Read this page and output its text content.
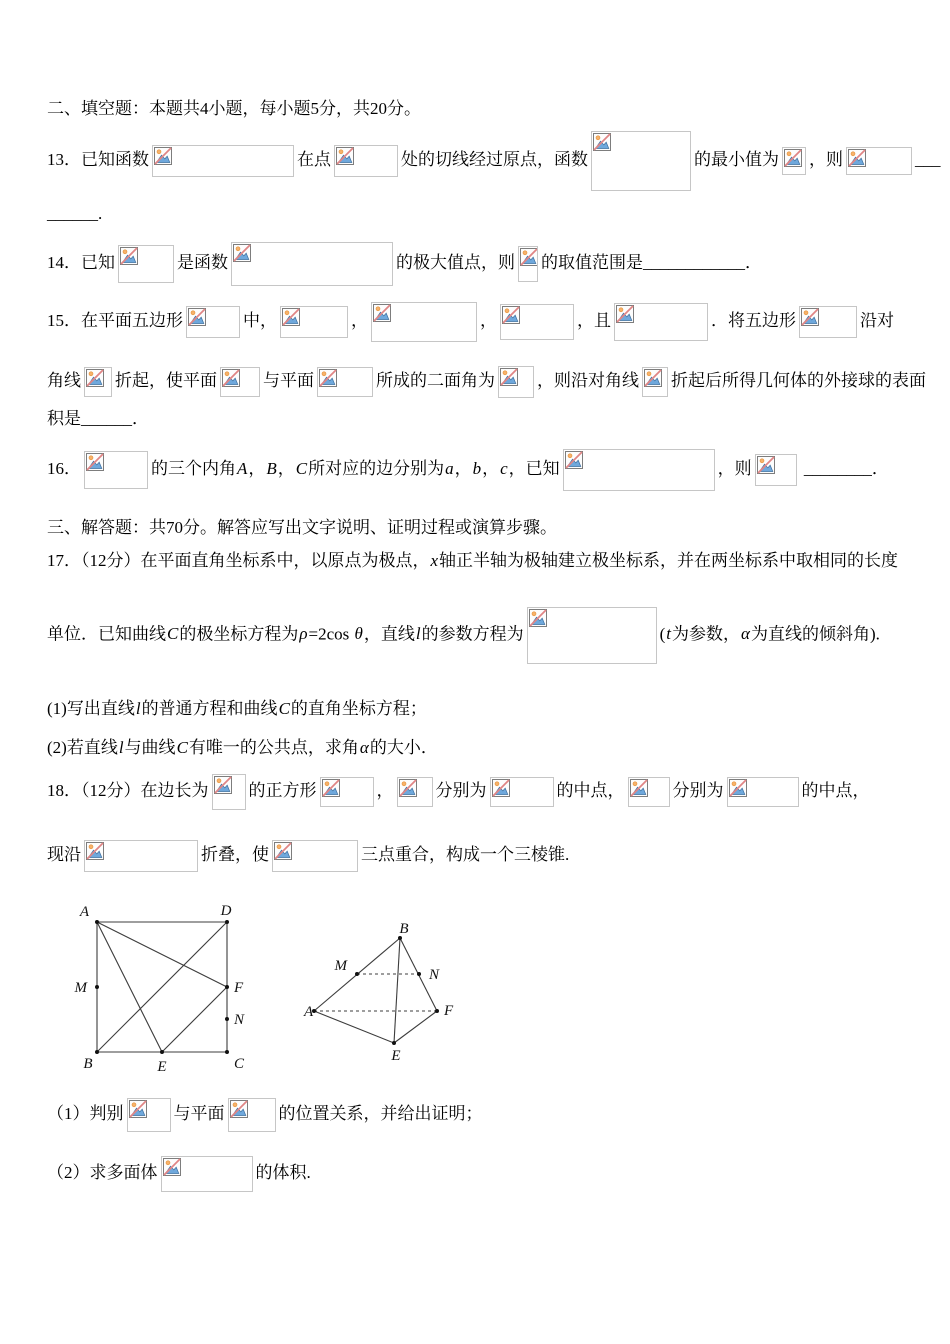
二、填空题：本题共4小题，每小题5分，共20分。

13．已知函数	在点	处的切线经过原点，函数	的最小值为 ，则	___

______.

14．已知	是函数	的极大值点，则 的取值范围是____________．

15．在平面五边形	中，	，	，	，且	．将五边形	沿对

角线 折起，使平面	与平面	所成的二面角为 ，则沿对角线 折起后所得几何体的外接球的表面

积是______．

16．	的三个内角A，B，C所对应的边分别为a，b，c，已知	，则	________．

三、解答题：共70分。解答应写出文字说明、证明过程或演算步骤。

17．（12分）在平面直角坐标系中，以原点为极点，x轴正半轴为极轴建立极坐标系，并在两坐标系中取相同的长度

单位．已知曲线C的极坐标方程为ρ=2cos θ，直线l的参数方程为	(t为参数，α为直线的倾斜角).

(1)写出直线l的普通方程和曲线C的直角坐标方程；

(2)若直线l与曲线C有唯一的公共点，求角α的大小．

18．（12分）在边长为 的正方形	， 分别为	的中点，	分别为	的中点，

现沿	折叠，使	三点重合，构成一个三棱锥.

A	D
M	F
N
B	E	C
B
M
N
A	F
E

（1）判别	与平面	的位置关系，并给出证明；

（2）求多面体	的体积.
